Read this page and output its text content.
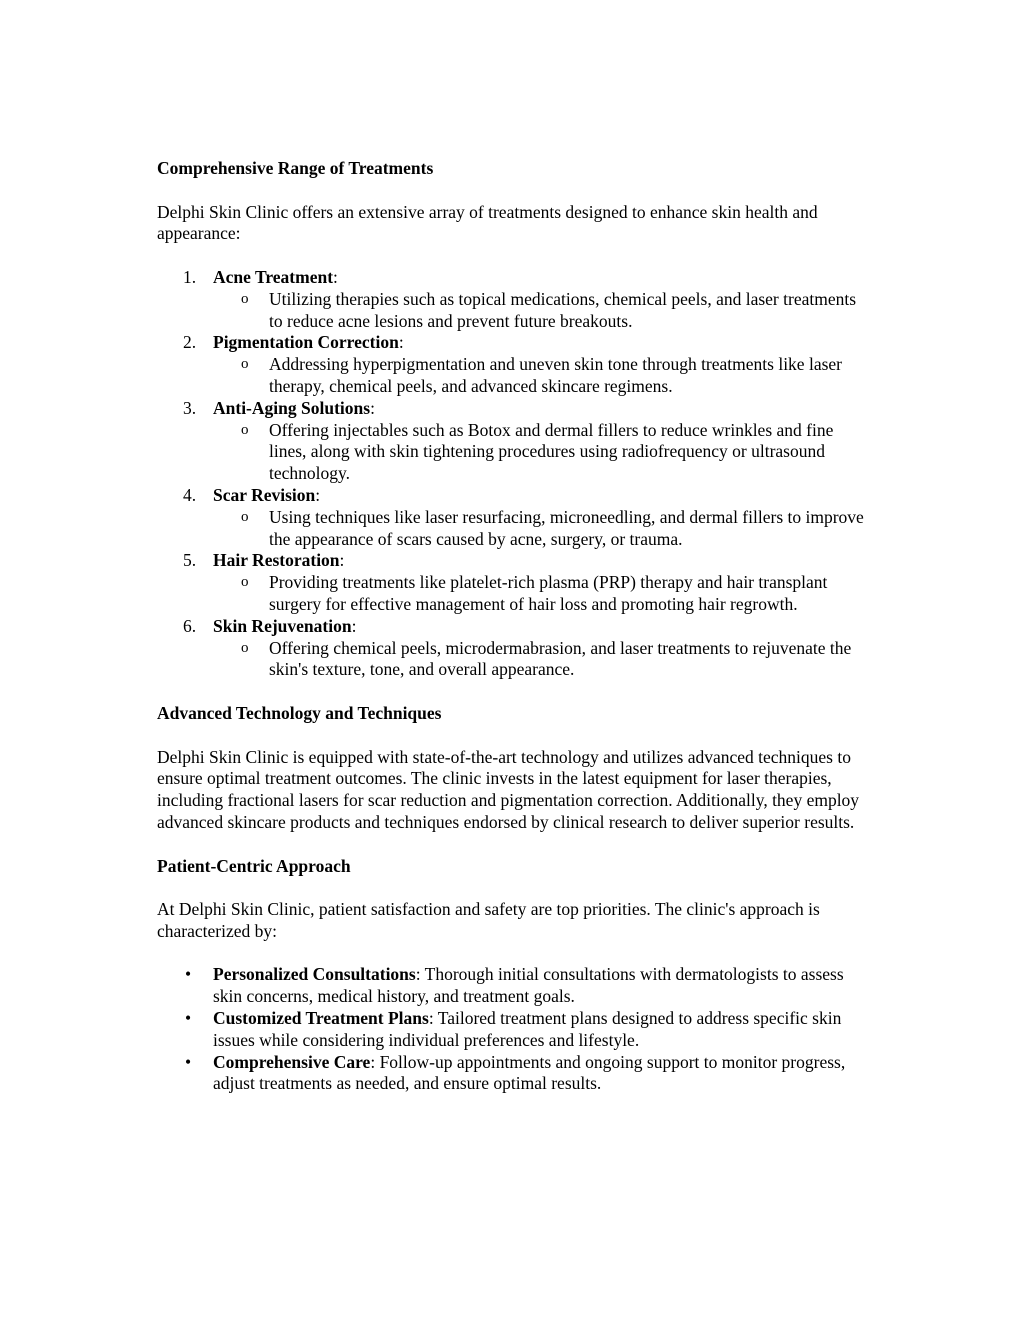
Comprehensive Range of Treatments

Delphi Skin Clinic offers an extensive array of treatments designed to enhance skin health and appearance:

1. Acne Treatment:
o Utilizing therapies such as topical medications, chemical peels, and laser treatments to reduce acne lesions and prevent future breakouts.
2. Pigmentation Correction:
o Addressing hyperpigmentation and uneven skin tone through treatments like laser therapy, chemical peels, and advanced skincare regimens.
3. Anti-Aging Solutions:
o Offering injectables such as Botox and dermal fillers to reduce wrinkles and fine lines, along with skin tightening procedures using radiofrequency or ultrasound technology.
4. Scar Revision:
o Using techniques like laser resurfacing, microneedling, and dermal fillers to improve the appearance of scars caused by acne, surgery, or trauma.
5. Hair Restoration:
o Providing treatments like platelet-rich plasma (PRP) therapy and hair transplant surgery for effective management of hair loss and promoting hair regrowth.
6. Skin Rejuvenation:
o Offering chemical peels, microdermabrasion, and laser treatments to rejuvenate the skin's texture, tone, and overall appearance.

Advanced Technology and Techniques

Delphi Skin Clinic is equipped with state-of-the-art technology and utilizes advanced techniques to ensure optimal treatment outcomes. The clinic invests in the latest equipment for laser therapies, including fractional lasers for scar reduction and pigmentation correction. Additionally, they employ advanced skincare products and techniques endorsed by clinical research to deliver superior results.

Patient-Centric Approach

At Delphi Skin Clinic, patient satisfaction and safety are top priorities. The clinic's approach is characterized by:

• Personalized Consultations: Thorough initial consultations with dermatologists to assess skin concerns, medical history, and treatment goals.
• Customized Treatment Plans: Tailored treatment plans designed to address specific skin issues while considering individual preferences and lifestyle.
• Comprehensive Care: Follow-up appointments and ongoing support to monitor progress, adjust treatments as needed, and ensure optimal results.
